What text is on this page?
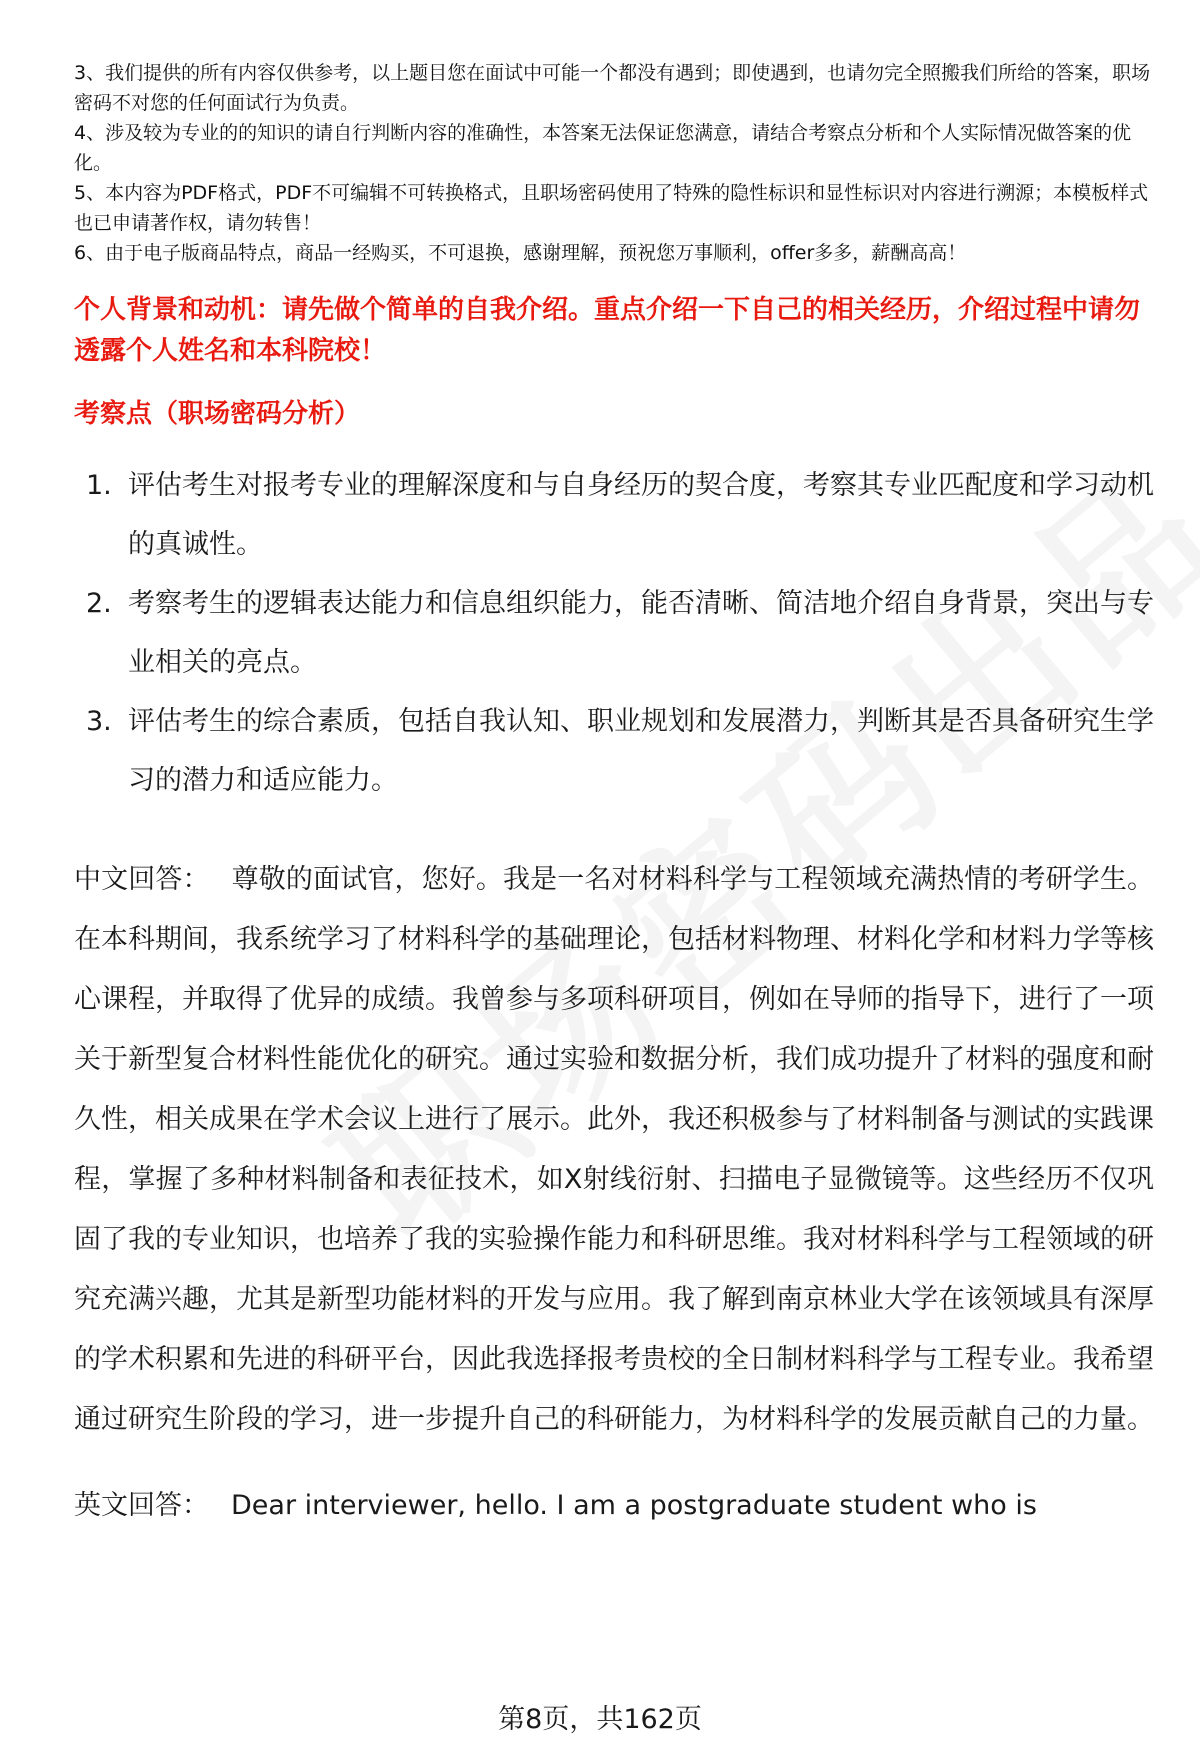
3、我们提供的所有内容仅供参考，以上题目您在面试中可能一个都没有遇到；即使遇到，也请勿完全照搬我们所给的答案，职场密码不对您的任何面试行为负责。

4、涉及较为专业的的知识的请自行判断内容的准确性，本答案无法保证您满意，请结合考察点分析和个人实际情况做答案的优化。

5、本内容为PDF格式，PDF不可编辑不可转换格式，且职场密码使用了特殊的隐性标识和显性标识对内容进行溯源；本模板样式也已申请著作权，请勿转售！

6、由于电子版商品特点，商品一经购买，不可退换，感谢理解，预祝您万事顺利，offer多多，薪酬高高！

个人背景和动机：请先做个简单的自我介绍。重点介绍一下自己的相关经历，介绍过程中请勿透露个人姓名和本科院校！
考察点（职场密码分析）
1. 评估考生对报考专业的理解深度和与自身经历的契合度，考察其专业匹配度和学习动机的真诚性。
2. 考察考生的逻辑表达能力和信息组织能力，能否清晰、简洁地介绍自身背景，突出与专业相关的亮点。
3. 评估考生的综合素质，包括自我认知、职业规划和发展潜力，判断其是否具备研究生学习的潜力和适应能力。
中文回答： 尊敬的面试官，您好。我是一名对材料科学与工程领域充满热情的考研学生。在本科期间，我系统学习了材料科学的基础理论，包括材料物理、材料化学和材料力学等核心课程，并取得了优异的成绩。我曾参与多项科研项目，例如在导师的指导下，进行了一项关于新型复合材料性能优化的研究。通过实验和数据分析，我们成功提升了材料的强度和耐久性，相关成果在学术会议上进行了展示。此外，我还积极参与了材料制备与测试的实践课程，掌握了多种材料制备和表征技术，如X射线衍射、扫描电子显微镜等。这些经历不仅巩固了我的专业知识，也培养了我的实验操作能力和科研思维。我对材料科学与工程领域的研究充满兴趣，尤其是新型功能材料的开发与应用。我了解到南京林业大学在该领域具有深厚的学术积累和先进的科研平台，因此我选择报考贵校的全日制材料科学与工程专业。我希望通过研究生阶段的学习，进一步提升自己的科研能力，为材料科学的发展贡献自己的力量。
英文回答： Dear interviewer, hello. I am a postgraduate student who is
第8页，共162页
